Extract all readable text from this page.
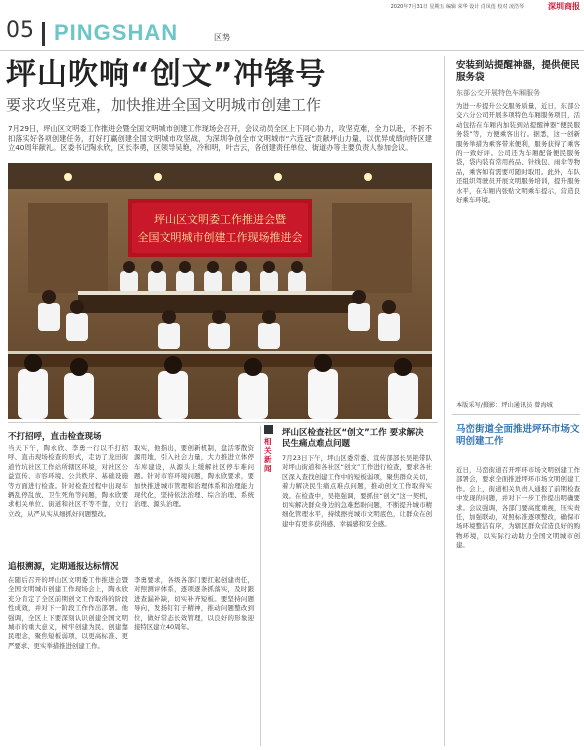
2020年7月31日 星期五 编辑 荣华 设计 肖凤莲 校对 凌浩琴	深圳商报
05 PINGSHAN	区势
坪山吹响“创文”冲锋号
要求攻坚克难，加快推进全国文明城市创建工作
7月29日，坪山区文明委工作推进会暨全国文明城市创建工作现场会召开，会议动员全区上下同心协力，攻坚克难，全力以赴，不折不扣落实好各项创建任务，打好打赢创建全国文明城市攻坚战，为深圳争创全市文明城市“六连冠”贡献坪山力量，以优异成绩向特区建立40周年献礼。区委书记陶永欣，区长李勇，区领导吴艳，冷和明，叶吉云，各创建责任单位、街道办等主要负责人参加会议。
坪山区文明委工作推进会暨
全国文明城市创建工作现场推进会
安装到站提醒神器，提供便民服务袋
东部公交开展特色车厢服务
为进一步提升公交服务质量，近日，东部公交六分公司开展多项特色车厢服务项目，活动包括在车厢内加装到站提醒神器“便民服务袋”等，方便乘客出行。据悉，这一创新服务举措为乘客带来便利，服务获得了乘客的一致好评。公司还为车厢配备便民服务袋，袋内装有常用药品、针线包、雨伞等物品，乘客如有需要可随时取用。此外，车队还组织驾驶员开展文明服务培训，提升服务水平，在车厢内张贴文明乘车提示，营造良好乘车环境。
本版采写/摄影：坪山通讯员 曾海城
马峦街道全面推进坪环市场文明创建工作
近日，马峦街道召开坪环市场文明创建工作部署会，要求全面推进坪环市场文明创建工作。会上，街道相关负责人通报了前期检查中发现的问题，并对下一步工作提出明确要求。会议强调，各部门要高度重视，压实责任，加强联动，对照标准逐项整改，确保市场环境整洁有序，为辖区群众营造良好的购物环境，以实际行动助力全国文明城市创建。
不打招呼，直击检查现场
当天下午，陶永欣、李勇一行以不打招呼、直击现场检查的形式，走访了龙田街道竹坑社区工作站所辖区环境，对社区公益宣传、市容环境、公共秩序、基础设施等方面进行检查。针对检查过程中出现车辆乱停乱放、卫生死角等问题，陶永欣要求相关单位、街道和社区不等不靠，立行立改，从严从实从细抓好问题整改。
追根溯源，定期通报达标情况
在随后召开的坪山区文明委工作推进会暨全国文明城市创建工作现场会上，陶永欣充分肯定了全区前期创文工作取得的阶段性成效，并对下一阶段工作作出部署。他强调，全区上下要深刻认识创建全国文明城市的重大意义，树牢创建为民、创建靠民理念，聚焦短板弱项，以更高标准、更严要求、更实举措推进创建工作。
取实，他指出，要创新机制，盘活零散资源用地，引入社会力量，大力推进立体停车库建设，从源头上缓解社区停车难问题。针对市容环境问题，陶永欣要求，要加快推进城市管理和治理体系和治理能力现代化，坚持依法治理、综合治理、系统治理、源头治理。
李勇要求，各级各部门要扛起创建责任，对照测评体系，逐项逐条抓落实，及时跟进查漏补缺，切实补齐短板。要坚持问题导向，发扬钉钉子精神，推动问题整改到位，做好常态长效管理，以良好的形象迎接特区建立40周年。
相关新闻
坪山区检查社区“创文”工作 要求解决民生痛点难点问题
7月23日下午，坪山区委常委、宣传部部长吴艳带队对坪山街道和各社区“创文”工作进行检查，要求各社区深入查找创建工作中的短板弱项，聚焦群众关切，着力解决民生痛点难点问题，推动创文工作取得实效。在检查中，吴艳强调，要抓住“创文”这一契机，切实解决群众身边的急难愁盼问题，不断提升城市精细化管理水平，持续擦亮城市文明底色，让群众在创建中有更多获得感、幸福感和安全感。
